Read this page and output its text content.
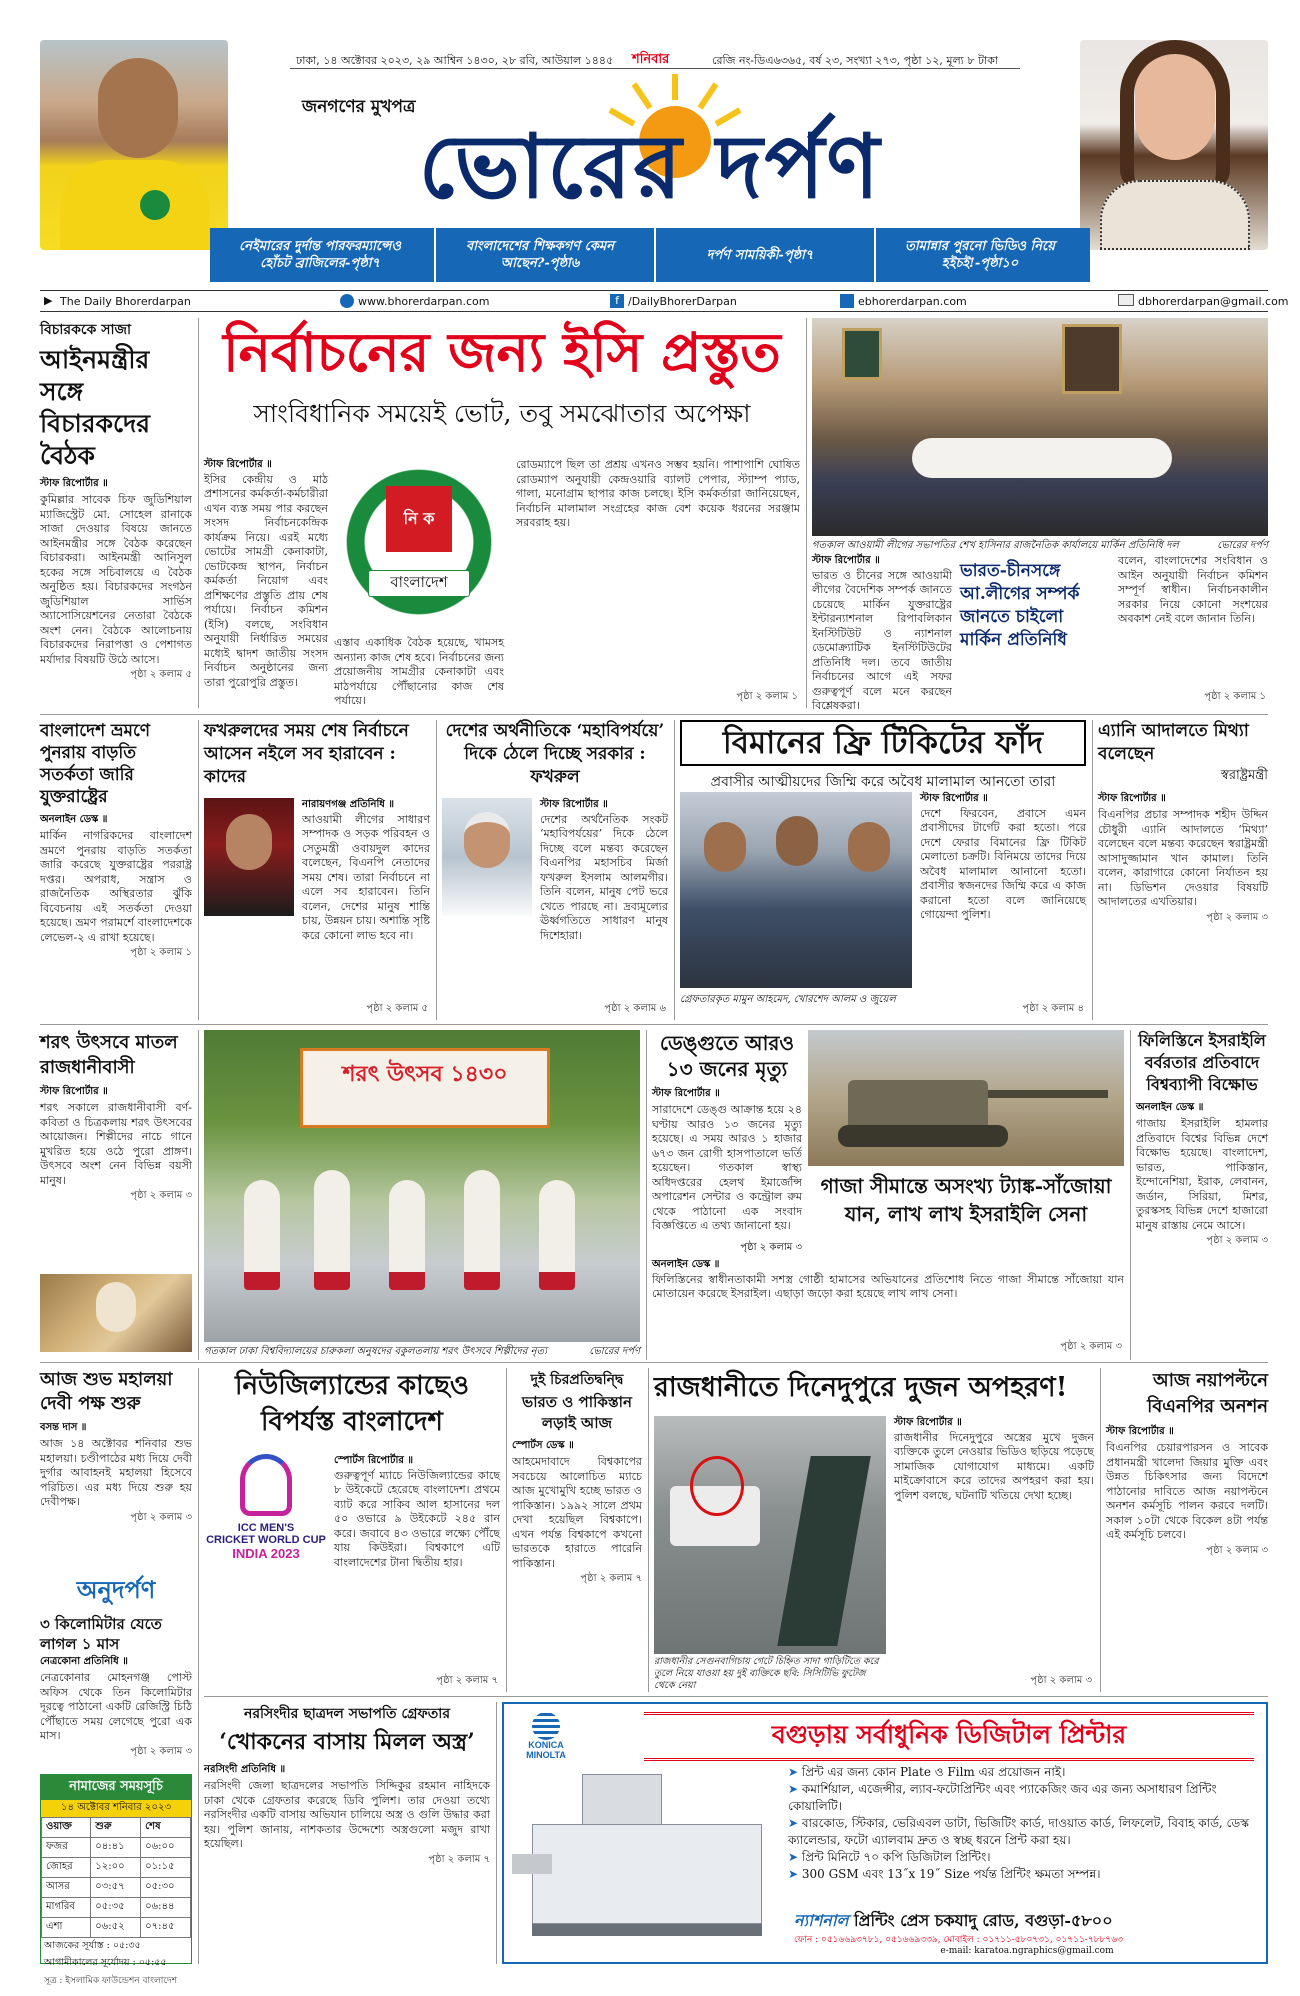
ঢাকা, ১৪ অক্টোবর ২০২৩, ২৯ আশ্বিন ১৪৩০, ২৮ রবি, আউয়াল ১৪৪৫ শনিবার	রেজি নং-ডিএ৬৩৬৫, বর্ষ ২৩, সংখ্যা ২৭৩, পৃষ্ঠা ১২, মূল্য ৮ টাকা
জনগণের মুখপত্র
ভোরের দর্পণ
নেইমারের দুর্দান্ত পারফরম্যান্সেও হোঁচট ব্রাজিলের-পৃষ্ঠা৭
বাংলাদেশের শিক্ষকগণ কেমন আছেন?-পৃষ্ঠা৬
দর্পণ সাময়িকী-পৃষ্ঠা৭
তামান্নার পুরনো ভিডিও নিয়ে হইচই!-পৃষ্ঠা১০
▶ The Daily Bhorerdarpan	www.bhorerdarpan.com	f /DailyBhorerDarpan	ebhorerdarpan.com	dbhorerdarpan@gmail.com
বিচারককে সাজা
আইনমন্ত্রীর সঙ্গে বিচারকদের বৈঠক
স্টাফ রিপোর্টার ॥
কুমিল্লার সাবেক চিফ জুডিশিয়াল ম্যাজিস্ট্রেট মো. সোহেল রানাকে সাজা দেওয়ার বিষয়ে জানতে আইনমন্ত্রীর সঙ্গে বৈঠক করেছেন বিচারকরা। আইনমন্ত্রী আনিসুল হকের সঙ্গে সচিবালয়ে এ বৈঠক অনুষ্ঠিত হয়। বিচারকদের সংগঠন জুডিশিয়াল সার্ভিস অ্যাসোসিয়েশনের নেতারা বৈঠকে অংশ নেন। বৈঠকে আলোচনায় বিচারকদের নিরাপত্তা ও পেশাগত মর্যাদার বিষয়টি উঠে আসে।
পৃষ্ঠা ২ কলাম ৫
নির্বাচনের জন্য ইসি প্রস্তুত
সাংবিধানিক সময়েই ভোট, তবু সমঝোতার অপেক্ষা
নি ক
বাংলাদেশ
স্টাফ রিপোর্টার ॥
ইসির কেন্দ্রীয় ও মাঠ প্রশাসনের কর্মকর্তা-কর্মচারীরা এখন ব্যস্ত সময় পার করছেন সংসদ নির্বাচনকেন্দ্রিক কার্যক্রম নিয়ে। এরই মধ্যে ভোটের সামগ্রী কেনাকাটা, ভোটকেন্দ্র স্থাপন, নির্বাচন কর্মকর্তা নিয়োগ এবং প্রশিক্ষণের প্রস্তুতি প্রায় শেষ পর্যায়ে। নির্বাচন কমিশন (ইসি) বলছে, সংবিধান অনুযায়ী নির্ধারিত সময়ের মধ্যেই দ্বাদশ জাতীয় সংসদ নির্বাচন অনুষ্ঠানের জন্য তারা পুরোপুরি প্রস্তুত।
এস্তাব একাধিক বৈঠক হয়েছে, খামসহ অন্যান্য কাজ শেষ হবে। নির্বাচনের জন্য প্রয়োজনীয় সামগ্রীর কেনাকাটা এবং মাঠপর্যায়ে পৌঁছানোর কাজ শেষ পর্যায়ে।
রোডম্যাপে ছিল তা প্রশ্রয় এখনও সম্ভব হয়নি। পাশাপাশি ঘোষিত রোডম্যাপ অনুযায়ী কেন্দ্রওয়ারি ব্যালট পেপার, স্ট্যাম্প প্যাড, গালা, মনোগ্রাম ছাপার কাজ চলছে। ইসি কর্মকর্তারা জানিয়েছেন, নির্বাচনি মালামাল সংগ্রহের কাজ বেশ কয়েক ধরনের সরঞ্জাম সরবরাহ হয়।
পৃষ্ঠা ২ কলাম ১
গতকাল আওয়ামী লীগের সভাপতির শেখ হাসিনার রাজনৈতিক কার্যালয়ে মার্কিন প্রতিনিধি দল	ভোরের দর্পণ
স্টাফ রিপোর্টার ॥
ভারত ও চীনের সঙ্গে আওয়ামী লীগের বৈদেশিক সম্পর্ক জানতে চেয়েছে মার্কিন যুক্তরাষ্ট্রের ইন্টারন্যাশনাল রিপাবলিকান ইনস্টিটিউট ও ন্যাশনাল ডেমোক্র্যাটিক ইনস্টিটিউটের প্রতিনিধি দল। তবে জাতীয় নির্বাচনের আগে এই সফর গুরুত্বপূর্ণ বলে মনে করছেন বিশ্লেষকরা।
ভারত-চীনসঙ্গে আ.লীগের সম্পর্ক জানতে চাইলো মার্কিন প্রতিনিধি
বলেন, বাংলাদেশের সংবিধান ও আইন অনুযায়ী নির্বাচন কমিশন সম্পূর্ণ স্বাধীন। নির্বাচনকালীন সরকার নিয়ে কোনো সংশয়ের অবকাশ নেই বলে জানান তিনি।
পৃষ্ঠা ২ কলাম ১
বাংলাদেশ ভ্রমণে পুনরায় বাড়তি সতর্কতা জারি যুক্তরাষ্ট্রের
অনলাইন ডেস্ক ॥
মার্কিন নাগরিকদের বাংলাদেশ ভ্রমণে পুনরায় বাড়তি সতর্কতা জারি করেছে যুক্তরাষ্ট্রের পররাষ্ট্র দপ্তর। অপরাধ, সন্ত্রাস ও রাজনৈতিক অস্থিরতার ঝুঁকি বিবেচনায় এই সতর্কতা দেওয়া হয়েছে। ভ্রমণ পরামর্শে বাংলাদেশকে লেভেল-২ এ রাখা হয়েছে।
পৃষ্ঠা ২ কলাম ১
ফখরুলদের সময় শেষ নির্বাচনে আসেন নইলে সব হারাবেন : কাদের
নারায়ণগঞ্জ প্রতিনিধি ॥
আওয়ামী লীগের সাধারণ সম্পাদক ও সড়ক পরিবহন ও সেতুমন্ত্রী ওবায়দুল কাদের বলেছেন, বিএনপি নেতাদের সময় শেষ। তারা নির্বাচনে না এলে সব হারাবেন। তিনি বলেন, দেশের মানুষ শান্তি চায়, উন্নয়ন চায়। অশান্তি সৃষ্টি করে কোনো লাভ হবে না।
পৃষ্ঠা ২ কলাম ৫
দেশের অর্থনীতিকে ‘মহাবিপর্যয়ে’ দিকে ঠেলে দিচ্ছে সরকার : ফখরুল
স্টাফ রিপোর্টার ॥
দেশের অর্থনৈতিক সংকট ‘মহাবিপর্যয়ের’ দিকে ঠেলে দিচ্ছে বলে মন্তব্য করেছেন বিএনপির মহাসচিব মির্জা ফখরুল ইসলাম আলমগীর। তিনি বলেন, মানুষ পেট ভরে খেতে পারছে না। দ্রব্যমূল্যের ঊর্ধ্বগতিতে সাধারণ মানুষ দিশেহারা।
পৃষ্ঠা ২ কলাম ৬
বিমানের ফ্রি টিকিটের ফাঁদ
প্রবাসীর আত্মীয়দের জিম্মি করে অবৈধ মালামাল আনতো তারা
গ্রেফতারকৃত মামুন আহমেদ, খোরশেদ আলম ও জুয়েল
স্টাফ রিপোর্টার ॥
দেশে ফিরবেন, প্রবাসে এমন প্রবাসীদের টার্গেট করা হতো। পরে দেশে ফেরার বিমানের ফ্রি টিকিট মেলাতো চক্রটি। বিনিময়ে তাদের দিয়ে অবৈধ মালামাল আনানো হতো। প্রবাসীর স্বজনদের জিম্মি করে এ কাজ করানো হতো বলে জানিয়েছে গোয়েন্দা পুলিশ।
পৃষ্ঠা ২ কলাম ৪
এ্যানি আদালতে মিথ্যা বলেছেন
স্বরাষ্ট্রমন্ত্রী
স্টাফ রিপোর্টার ॥
বিএনপির প্রচার সম্পাদক শহীদ উদ্দিন চৌধুরী এ্যানি আদালতে ‘মিথ্যা’ বলেছেন বলে মন্তব্য করেছেন স্বরাষ্ট্রমন্ত্রী আসাদুজ্জামান খান কামাল। তিনি বলেন, কারাগারে কোনো নির্যাতন হয় না। ডিভিশন দেওয়ার বিষয়টি আদালতের এখতিয়ার।
পৃষ্ঠা ২ কলাম ৩
শরৎ উৎসবে মাতল রাজধানীবাসী
স্টাফ রিপোর্টার ॥
শরৎ সকালে রাজধানীবাসী বর্ণ-কবিতা ও চিত্রকলায় শরৎ উৎসবের আয়োজন। শিল্পীদের নাচে গানে মুখরিত হয়ে ওঠে পুরো প্রাঙ্গণ। উৎসবে অংশ নেন বিভিন্ন বয়সী মানুষ।
পৃষ্ঠা ২ কলাম ৩
শরৎ উৎসব ১৪৩০
গতকাল ঢাকা বিশ্ববিদ্যালয়ের চারুকলা অনুষদের বকুলতলায় শরৎ উৎসবে শিল্পীদের নৃত্য	ভোরের দর্পণ
ডেঙ্গুতে আরও ১৩ জনের মৃত্যু
স্টাফ রিপোর্টার ॥
সারাদেশে ডেঙ্গু আক্রান্ত হয়ে ২৪ ঘণ্টায় আরও ১৩ জনের মৃত্যু হয়েছে। এ সময় আরও ১ হাজার ৬৭৩ জন রোগী হাসপাতালে ভর্তি হয়েছেন। গতকাল স্বাস্থ্য অধিদপ্তরের হেলথ ইমার্জেন্সি অপারেশন সেন্টার ও কন্ট্রোল রুম থেকে পাঠানো এক সংবাদ বিজ্ঞপ্তিতে এ তথ্য জানানো হয়।
গাজা সীমান্তে অসংখ্য ট্যাঙ্ক-সাঁজোয়া যান, লাখ লাখ ইসরাইলি সেনা
পৃষ্ঠা ২ কলাম ৩
অনলাইন ডেস্ক ॥
ফিলিস্তিনের স্বাধীনতাকামী সশস্ত্র গোষ্ঠী হামাসের অভিযানের প্রতিশোধ নিতে গাজা সীমান্তে সাঁজোয়া যান মোতায়েন করেছে ইসরাইল। এছাড়া জড়ো করা হয়েছে লাখ লাখ সেনা।
পৃষ্ঠা ২ কলাম ৩
ফিলিস্তিনে ইসরাইলি বর্বরতার প্রতিবাদে বিশ্বব্যাপী বিক্ষোভ
অনলাইন ডেস্ক ॥
গাজায় ইসরাইলি হামলার প্রতিবাদে বিশ্বের বিভিন্ন দেশে বিক্ষোভ হয়েছে। বাংলাদেশ, ভারত, পাকিস্তান, ইন্দোনেশিয়া, ইরাক, লেবানন, জর্ডান, সিরিয়া, মিশর, তুরস্কসহ বিভিন্ন দেশে হাজারো মানুষ রাস্তায় নেমে আসে।
পৃষ্ঠা ২ কলাম ৩
আজ শুভ মহালয়া দেবী পক্ষ শুরু
বসন্ত দাস ॥
আজ ১৪ অক্টোবর শনিবার শুভ মহালয়া। চণ্ডীপাঠের মধ্য দিয়ে দেবী দুর্গার আবাহনই মহালয়া হিসেবে পরিচিত। এর মধ্য দিয়ে শুরু হয় দেবীপক্ষ।
পৃষ্ঠা ২ কলাম ৩
অনুদর্পণ
৩ কিলোমিটার যেতে লাগল ১ মাস
নেত্রকোনা প্রতিনিধি ॥
নেত্রকোনার মোহনগঞ্জ পোস্ট অফিস থেকে তিন কিলোমিটার দূরত্বে পাঠানো একটি রেজিস্ট্রি চিঠি পৌঁছাতে সময় লেগেছে পুরো এক মাস।
পৃষ্ঠা ২ কলাম ৩
নামাজের সময়সূচি
১৪ অক্টোবর শনিবার ২০২৩
ওয়াক্ত	শুরু	শেষ
ফজর	০৪:৪১	০৬:০০
জোহর	১২:০০	০১:১৫
আসর	০৩:৫৭	০৫:৩০
মাগরিব	০৫:৩৫	০৬:৪৪
এশা	০৬:৫২	০৭:৪৫
আজকের সূর্যাস্ত : ০৫:৩৫
আগামীকালের সূর্যোদয় : ০৫:৫৫
সূত্র : ইসলামিক ফাউন্ডেশন বাংলাদেশ
নিউজিল্যান্ডের কাছেও বিপর্যস্ত বাংলাদেশ
ICC MEN'S
CRICKET WORLD CUP
INDIA 2023
স্পোর্টস রিপোর্টার ॥
গুরুত্বপূর্ণ ম্যাচে নিউজিল্যান্ডের কাছে ৮ উইকেটে হেরেছে বাংলাদেশ। প্রথমে ব্যাট করে সাকিব আল হাসানের দল ৫০ ওভারে ৯ উইকেটে ২৪৫ রান করে। জবাবে ৪৩ ওভারে লক্ষ্যে পৌঁছে যায় কিউইরা। বিশ্বকাপে এটি বাংলাদেশের টানা দ্বিতীয় হার।
পৃষ্ঠা ২ কলাম ৭
দুই চিরপ্রতিদ্বন্দ্বি
ভারত ও পাকিস্তান লড়াই আজ
স্পোর্টস ডেস্ক ॥
আহমেদাবাদে বিশ্বকাপের সবচেয়ে আলোচিত ম্যাচে আজ মুখোমুখি হচ্ছে ভারত ও পাকিস্তান। ১৯৯২ সালে প্রথম দেখা হয়েছিল বিশ্বকাপে। এখন পর্যন্ত বিশ্বকাপে কখনো ভারতকে হারাতে পারেনি পাকিস্তান।
পৃষ্ঠা ২ কলাম ৭
রাজধানীতে দিনেদুপুরে দুজন অপহরণ!
রাজধানীর সেগুনবাগিচায় গেটে চিহ্নিত সাদা গাড়িটিতে করে তুলে নিয়ে যাওয়া হয় দুই ব্যক্তিকে ছবি: সিসিটিভি ফুটেজ থেকে নেয়া
স্টাফ রিপোর্টার ॥
রাজধানীর দিনেদুপুরে অস্ত্রের মুখে দুজন ব্যক্তিকে তুলে নেওয়ার ভিডিও ছড়িয়ে পড়েছে সামাজিক যোগাযোগ মাধ্যমে। একটি মাইক্রোবাসে করে তাদের অপহরণ করা হয়। পুলিশ বলছে, ঘটনাটি খতিয়ে দেখা হচ্ছে।
পৃষ্ঠা ২ কলাম ৩
আজ নয়াপল্টনে বিএনপির অনশন
স্টাফ রিপোর্টার ॥
বিএনপির চেয়ারপারসন ও সাবেক প্রধানমন্ত্রী খালেদা জিয়ার মুক্তি এবং উন্নত চিকিৎসার জন্য বিদেশে পাঠানোর দাবিতে আজ নয়াপল্টনে অনশন কর্মসূচি পালন করবে দলটি। সকাল ১০টা থেকে বিকেল ৪টা পর্যন্ত এই কর্মসূচি চলবে।
পৃষ্ঠা ২ কলাম ৩
নরসিংদীর ছাত্রদল সভাপতি গ্রেফতার
‘খোকনের বাসায় মিলল অস্ত্র’
নরসিংদী প্রতিনিধি ॥
নরসিংদী জেলা ছাত্রদলের সভাপতি সিদ্দিকুর রহমান নাহিদকে ঢাকা থেকে গ্রেফতার করেছে ডিবি পুলিশ। তার দেওয়া তথ্যে নরসিংদীর একটি বাসায় অভিযান চালিয়ে অস্ত্র ও গুলি উদ্ধার করা হয়। পুলিশ জানায়, নাশকতার উদ্দেশ্যে অস্ত্রগুলো মজুদ রাখা হয়েছিল।
পৃষ্ঠা ২ কলাম ৭
KONICA MINOLTA
বগুড়ায় সর্বাধুনিক ডিজিটাল প্রিন্টার
➤ প্রিন্ট এর জন্য কোন Plate ও Film এর প্রয়োজন নাই।
➤ কমার্শিয়াল, এজেন্সীর, ল্যাব-ফটোপ্রিন্টিং এবং প্যাকেজিং জব এর জন্য অসাধারণ প্রিন্টিং কোয়ালিটি।
➤ বারকোড, স্টিকার, ভেরিএবল ডাটা, ভিজিটিং কার্ড, দাওয়াত কার্ড, লিফলেট, বিবাহ কার্ড, ডেস্ক ক্যালেন্ডার, ফটো এ্যালবাম দ্রুত ও স্বচ্ছ ধরনে প্রিন্ট করা হয়।
➤ প্রিন্ট মিনিটে ৭০ কপি ডিজিটাল প্রিন্টিং।
➤ 300 GSM এবং 13˝x 19˝ Size পর্যন্ত প্রিন্টিং ক্ষমতা সম্পন্ন।
ন্যাশনাল প্রিন্টিং প্রেস চকযাদু রোড, বগুড়া-৫৮০০
ফোন : ০৫১৬৬৯৩৭৮১, ০৫১৬৬৯৩৩৯, মোবাইল : ০১৭১১-৫৮০৭৩১, ০১৭১১-৭৮৮৭৬৩
e-mail: karatoa.ngraphics@gmail.com
